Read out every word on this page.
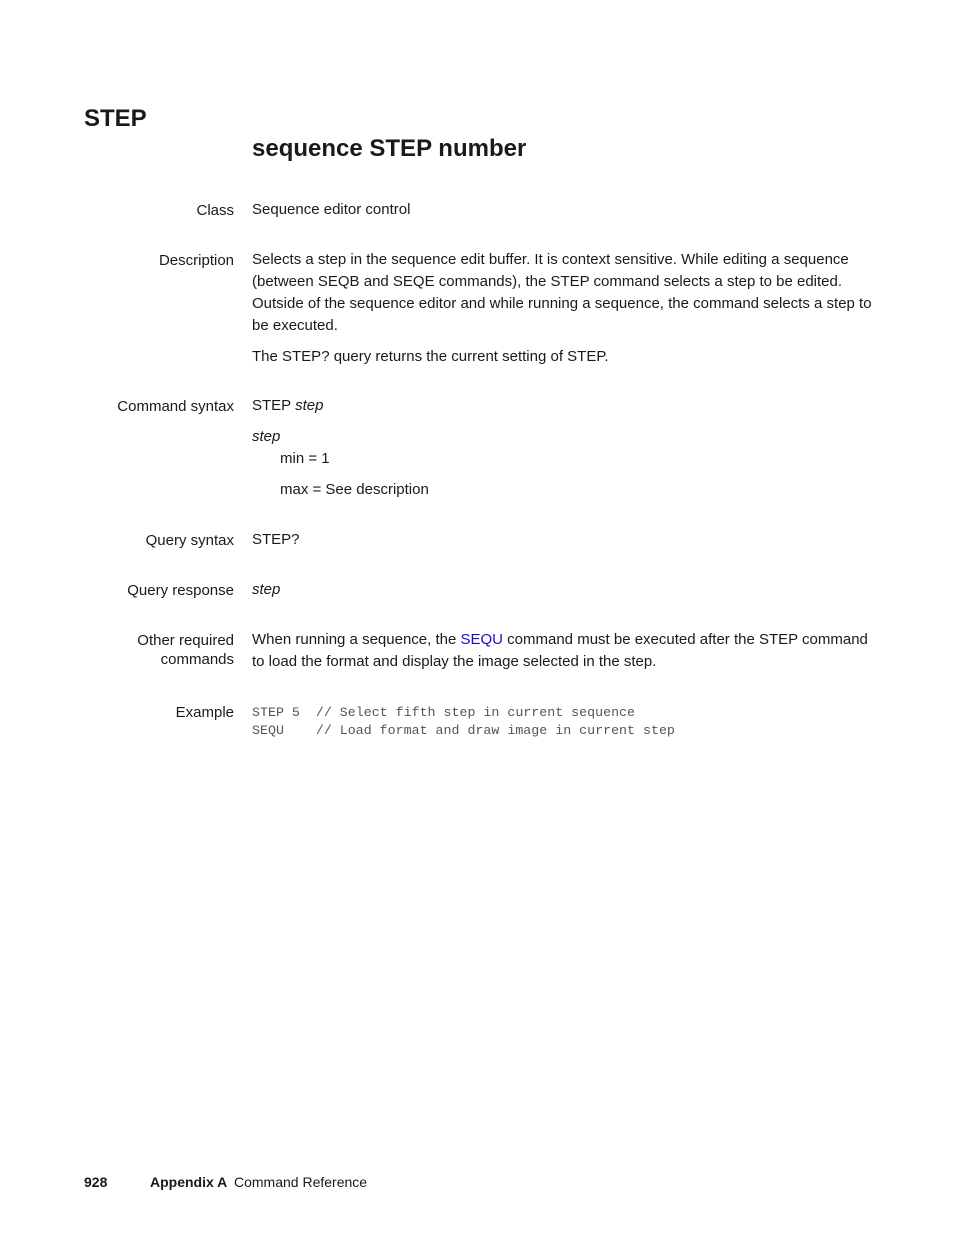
STEP
sequence STEP number
Class Sequence editor control
Description Selects a step in the sequence edit buffer. It is context sensitive. While editing a sequence (between SEQB and SEQE commands), the STEP command selects a step to be edited. Outside of the sequence editor and while running a sequence, the command selects a step to be executed.

The STEP? query returns the current setting of STEP.

Command syntax STEP step

step
min = 1

max = See description

Query syntax STEP?
Query response step
Other required
commands
When running a sequence, the SEQU command must be executed after the STEP command to load the format and display the image selected in the step.
Example STEP 5  // Select fifth step in current sequence
SEQU    // Load format and draw image in current step
928	Appendix A Command Reference
